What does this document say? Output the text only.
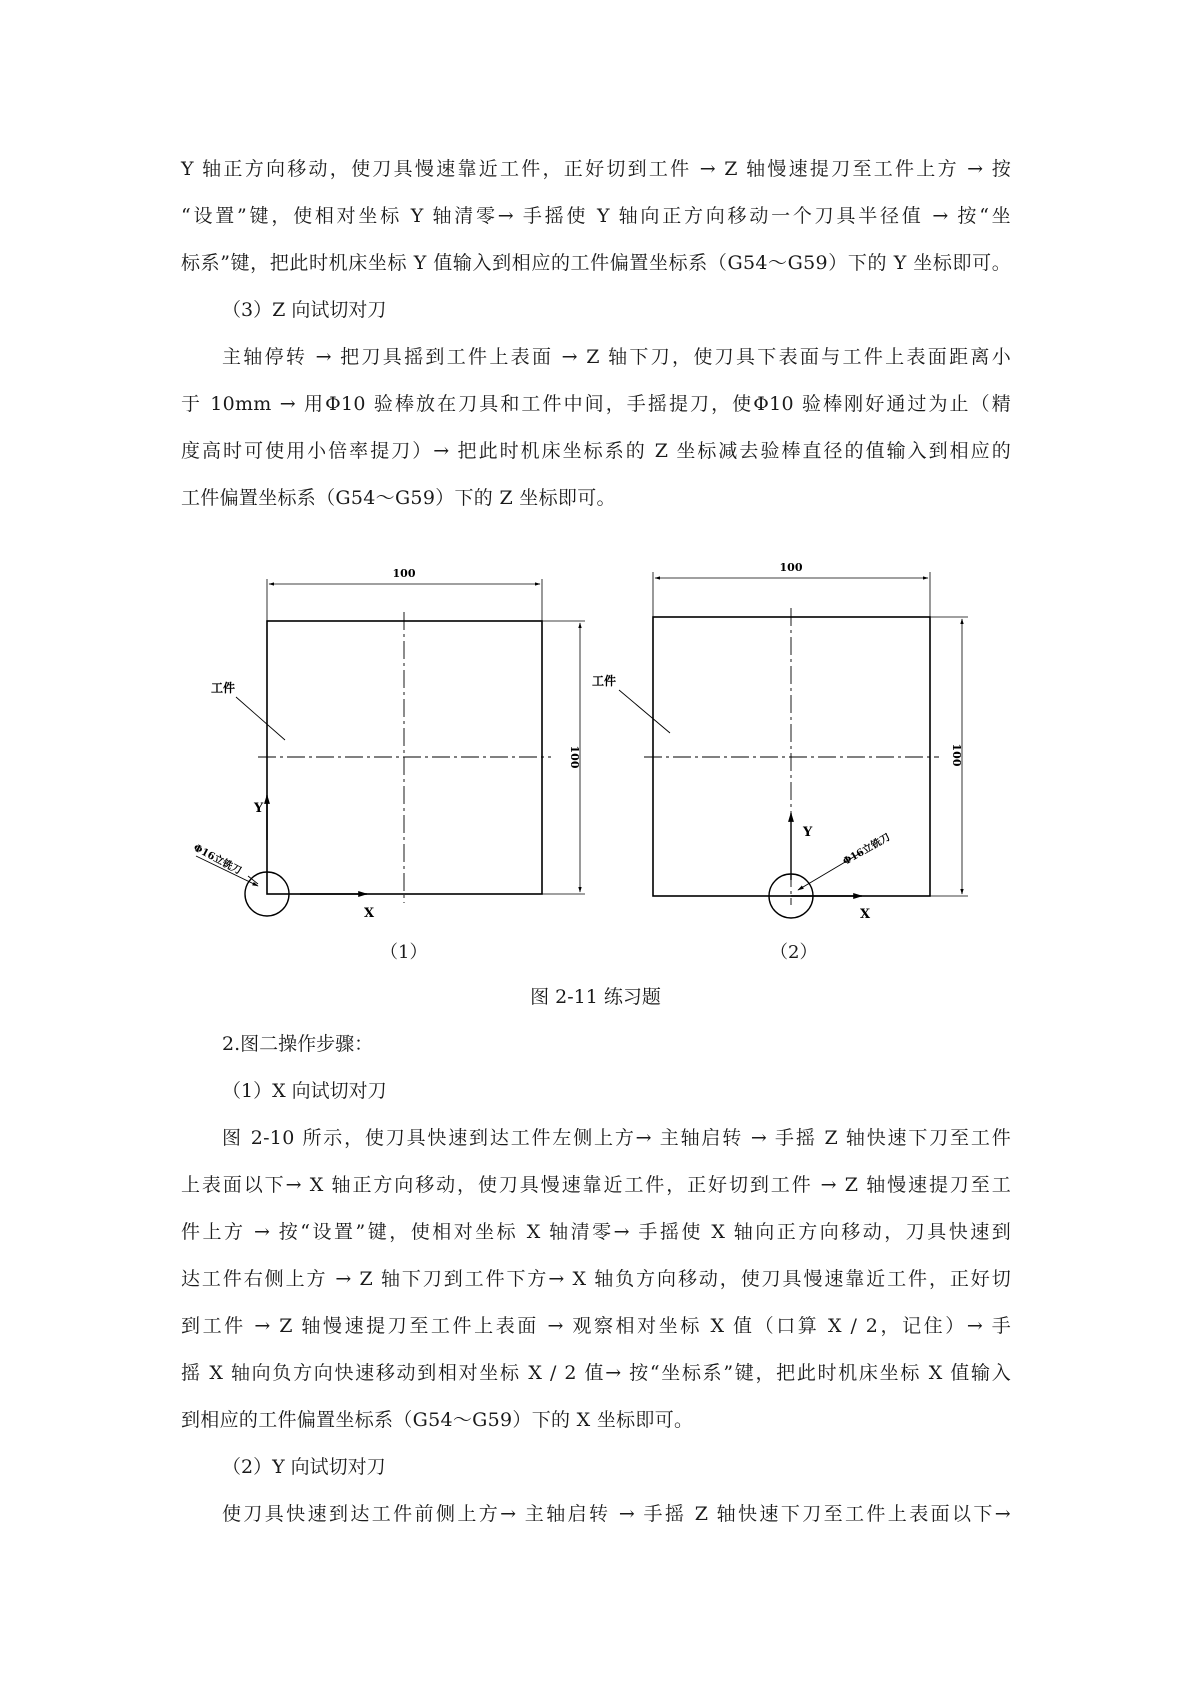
Y 轴正方向移动，使刀具慢速靠近工件，正好切到工件 → Z 轴慢速提刀至工件上方 → 按
“设置”键，使相对坐标 Y 轴清零→ 手摇使 Y 轴向正方向移动一个刀具半径值 → 按“坐
标系”键，把此时机床坐标 Y 值输入到相应的工件偏置坐标系（G54～G59）下的 Y 坐标即可。
（3）Z 向试切对刀
主轴停转 → 把刀具摇到工件上表面 → Z 轴下刀，使刀具下表面与工件上表面距离小
于 10mm → 用Φ10 验棒放在刀具和工件中间，手摇提刀，使Φ10 验棒刚好通过为止（精
度高时可使用小倍率提刀）→ 把此时机床坐标系的 Z 坐标减去验棒直径的值输入到相应的
工件偏置坐标系（G54～G59）下的 Z 坐标即可。
100
100
工件
Y
X
Φ16立铣刀
100
100
工件
Y
X
Φ16立铣刀
（1）	（2）
图 2-11 练习题
2.图二操作步骤：
（1）X 向试切对刀
图 2-10 所示，使刀具快速到达工件左侧上方→ 主轴启转 → 手摇 Z 轴快速下刀至工件
上表面以下→ X 轴正方向移动，使刀具慢速靠近工件，正好切到工件 → Z 轴慢速提刀至工
件上方 → 按“设置”键，使相对坐标 X 轴清零→ 手摇使 X 轴向正方向移动，刀具快速到
达工件右侧上方 → Z 轴下刀到工件下方→ X 轴负方向移动，使刀具慢速靠近工件，正好切
到工件 → Z 轴慢速提刀至工件上表面 → 观察相对坐标 X 值（口算 X / 2，记住）→ 手
摇 X 轴向负方向快速移动到相对坐标 X / 2 值→ 按“坐标系”键，把此时机床坐标 X 值输入
到相应的工件偏置坐标系（G54～G59）下的 X 坐标即可。
（2）Y 向试切对刀
使刀具快速到达工件前侧上方→ 主轴启转 → 手摇 Z 轴快速下刀至工件上表面以下→
